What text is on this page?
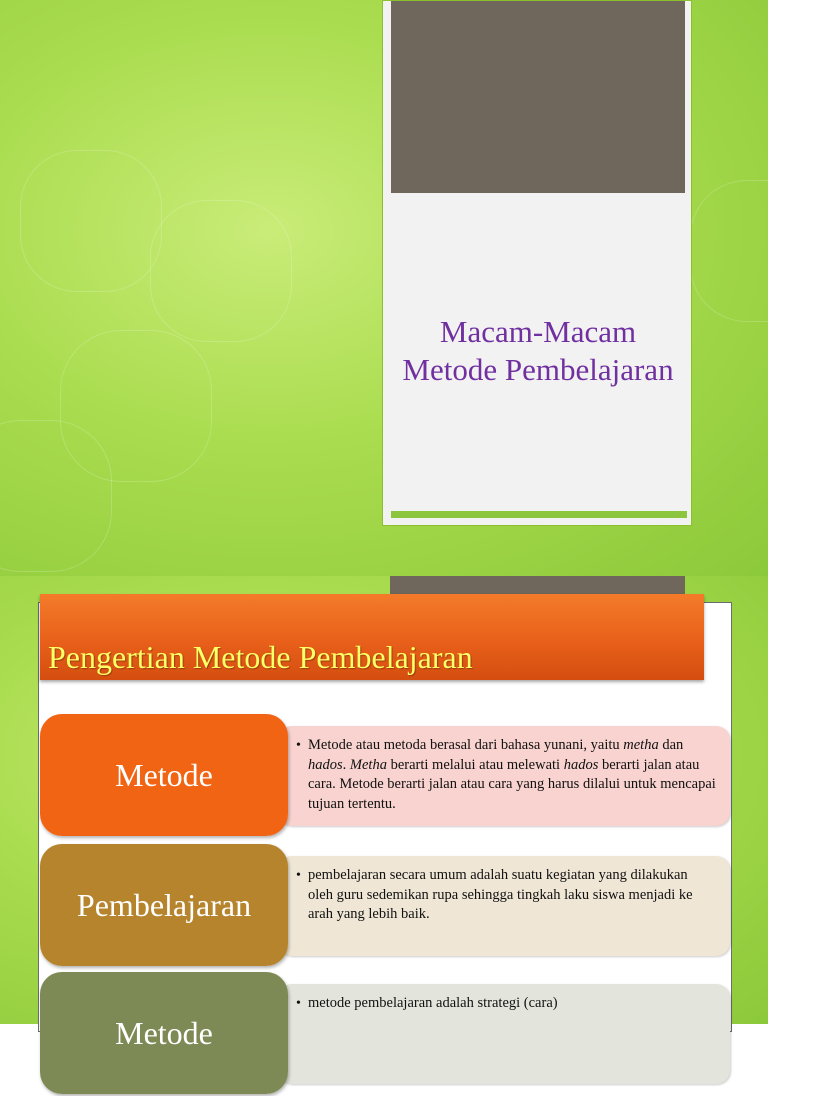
Macam-Macam
Metode Pembelajaran
Pengertian Metode Pembelajaran
• Metode atau metoda berasal dari bahasa yunani, yaitu metha dan hados. Metha berarti melalui atau melewati hados berarti jalan atau cara. Metode berarti jalan atau cara yang harus dilalui untuk mencapai tujuan tertentu.
Metode
• pembelajaran secara umum adalah suatu kegiatan yang dilakukan oleh guru sedemikan rupa sehingga tingkah laku siswa menjadi ke arah yang lebih baik.
Pembelajaran
• metode pembelajaran adalah strategi (cara)
Metode
